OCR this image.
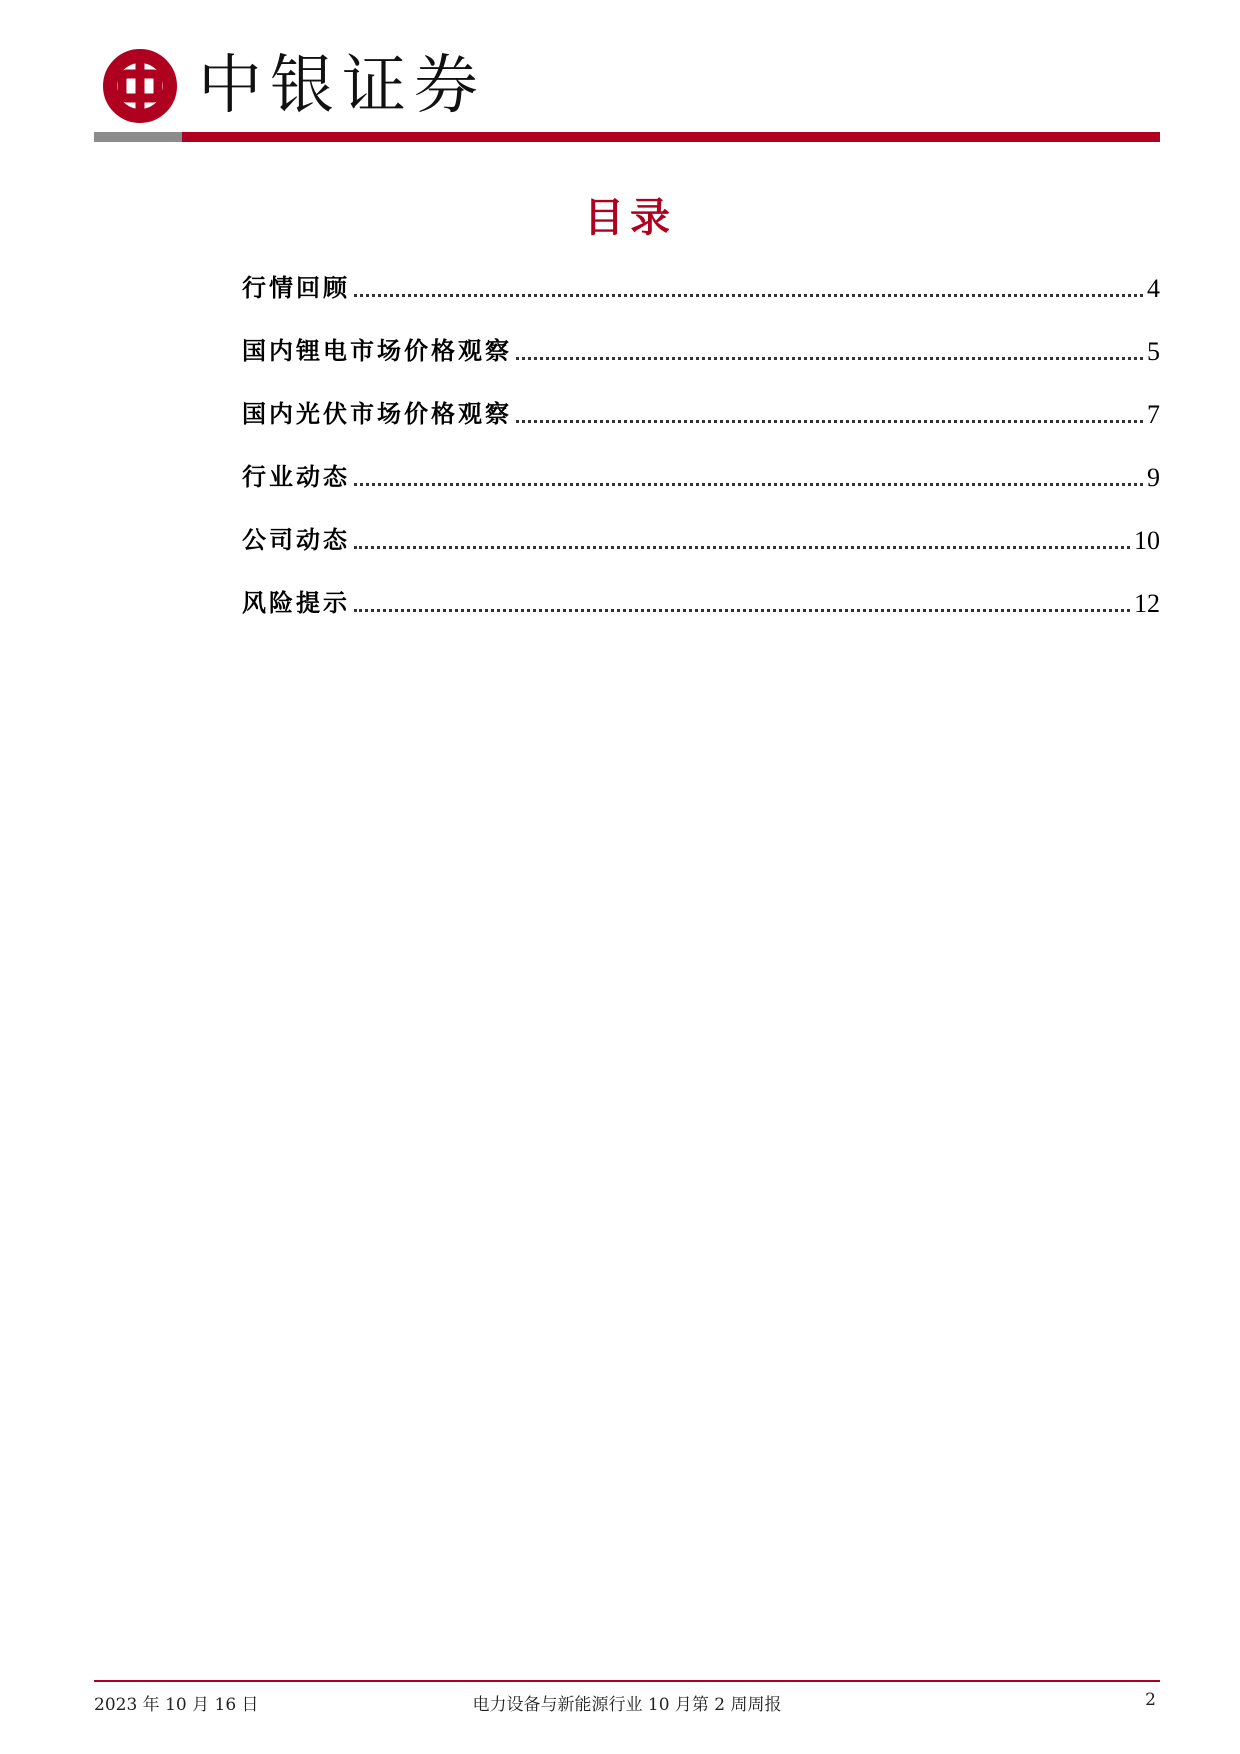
中银证券
目录
行情回顾	4
国内锂电市场价格观察	5
国内光伏市场价格观察	7
行业动态	9
公司动态	10
风险提示	12
2023 年 10 月 16 日	电力设备与新能源行业 10 月第 2 周周报	2
